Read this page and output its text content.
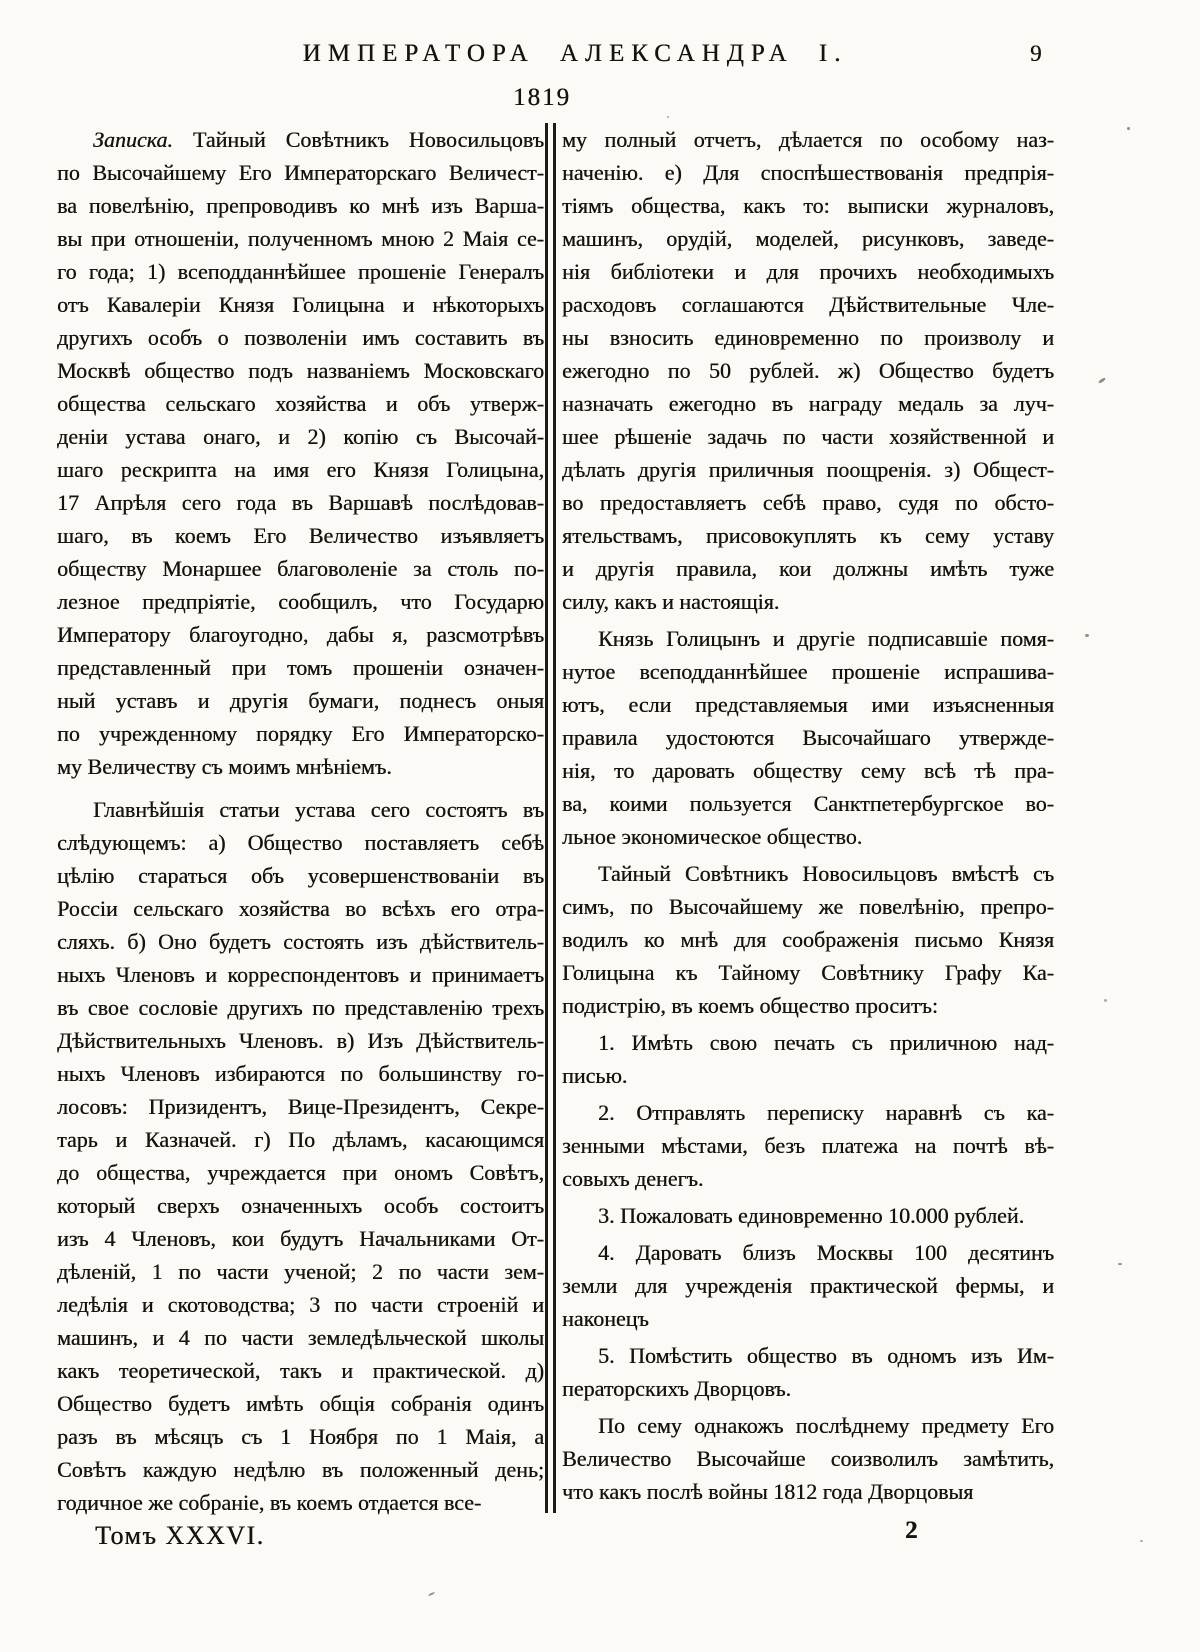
ИМПЕРАТОРА АЛЕКСАНДРА I.	9
1819
Записка. Тайный Совѣтникъ Новосильцовъ
по Высочайшему Его Императорскаго Величест-
ва повелѣнію, препроводивъ ко мнѣ изъ Варша-
вы при отношеніи, полученномъ мною 2 Маія се-
го года; 1) всеподданнѣйшее прошеніе Генералъ
отъ Кавалеріи Князя Голицына и нѣкоторыхъ
другихъ особъ о позволеніи имъ составить въ
Москвѣ общество подъ названіемъ Московскаго
общества сельскаго хозяйства и объ утверж-
деніи устава онаго, и 2) копію съ Высочай-
шаго рескрипта на имя его Князя Голицына,
17 Апрѣля сего года въ Варшавѣ послѣдовав-
шаго, въ коемъ Его Величество изъявляетъ
обществу Монаршее благоволеніе за столь по-
лезное предпріятіе, сообщилъ, что Государю
Императору благоугодно, дабы я, разсмотрѣвъ
представленный при томъ прошеніи означен-
ный уставъ и другія бумаги, поднесъ оныя
по учрежденному порядку Его Императорско-
му Величеству съ моимъ мнѣніемъ.
Главнѣйшія статьи устава сего состоятъ въ
слѣдующемъ: а) Общество поставляетъ себѣ
цѣлію стараться объ усовершенствованіи въ
Россіи сельскаго хозяйства во всѣхъ его отра-
сляхъ. б) Оно будетъ состоять изъ дѣйствитель-
ныхъ Членовъ и корреспондентовъ и принимаетъ
въ свое сословіе другихъ по представленію трехъ
Дѣйствительныхъ Членовъ. в) Изъ Дѣйствитель-
ныхъ Членовъ избираются по большинству го-
лосовъ: Призидентъ, Вице-Президентъ, Секре-
тарь и Казначей. г) По дѣламъ, касающимся
до общества, учреждается при ономъ Совѣтъ,
который сверхъ означенныхъ особъ состоитъ
изъ 4 Членовъ, кои будутъ Начальниками От-
дѣленій, 1 по части ученой; 2 по части зем-
ледѣлія и скотоводства; 3 по части строеній и
машинъ, и 4 по части земледѣльческой школы
какъ теоретической, такъ и практической. д)
Общество будетъ имѣть общія собранія одинъ
разъ въ мѣсяцъ съ 1 Ноября по 1 Маія, а
Совѣтъ каждую недѣлю въ положенный день;
годичное же собраніе, въ коемъ отдается все-
му полный отчетъ, дѣлается по особому наз-
наченію. е) Для споспѣшествованія предпрія-
тіямъ общества, какъ то: выписки журналовъ,
машинъ, орудій, моделей, рисунковъ, заведе-
нія библіотеки и для прочихъ необходимыхъ
расходовъ соглашаются Дѣйствительные Чле-
ны взносить единовременно по произволу и
ежегодно по 50 рублей. ж) Общество будетъ
назначать ежегодно въ награду медаль за луч-
шее рѣшеніе задачь по части хозяйственной и
дѣлать другія приличныя поощренія. з) Общест-
во предоставляетъ себѣ право, судя по обсто-
ятельствамъ, присовокуплять къ сему уставу
и другія правила, кои должны имѣть туже
силу, какъ и настоящія.
Князь Голицынъ и другіе подписавшіе помя-
нутое всеподданнѣйшее прошеніе испрашива-
ютъ, если представляемыя ими изъясненныя
правила удостоются Высочайшаго утвержде-
нія, то даровать обществу сему всѣ тѣ пра-
ва, коими пользуется Санктпетербургское во-
льное экономическое общество.
Тайный Совѣтникъ Новосильцовъ вмѣстѣ съ
симъ, по Высочайшему же повелѣнію, препро-
водилъ ко мнѣ для соображенія письмо Князя
Голицына къ Тайному Совѣтнику Графу Ка-
подистрію, въ коемъ общество проситъ:
1. Имѣть свою печать съ приличною над-
писью.
2. Отправлять переписку наравнѣ съ ка-
зенными мѣстами, безъ платежа на почтѣ вѣ-
совыхъ денегъ.
3. Пожаловать единовременно 10.000 рублей.
4. Даровать близъ Москвы 100 десятинъ
земли для учрежденія практической фермы, и
наконецъ
5. Помѣстить общество въ одномъ изъ Им-
ператорскихъ Дворцовъ.
По сему однакожъ послѣднему предмету Его
Величество Высочайше соизволилъ замѣтить,
что какъ послѣ войны 1812 года Дворцовыя
Томъ XXXVI.	2
